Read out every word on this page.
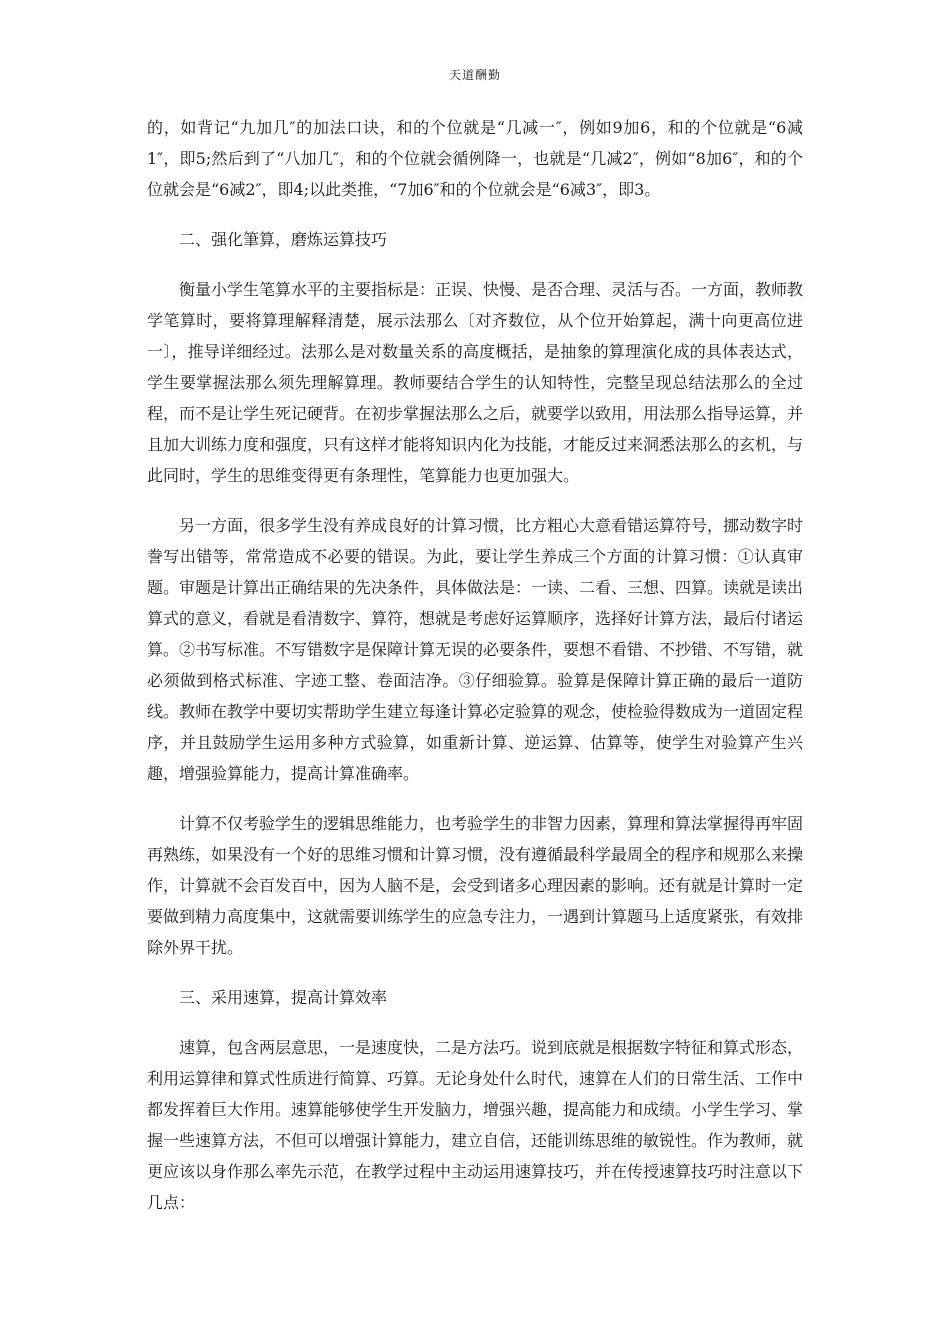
天道酬勤

的，如背记“九加几″的加法口诀，和的个位就是“几减一″，例如9加6，和的个位就是“6减1″，即5;然后到了“八加几″，和的个位就会循例降一，也就是“几减2″，例如“8加6″，和的个位就会是“6减2″，即4;以此类推，“7加6″和的个位就会是“6减3″，即3。

二、强化筆算，磨炼运算技巧

衡量小学生笔算水平的主要指标是：正误、快慢、是否合理、灵活与否。一方面，教师教学笔算时，要将算理解释清楚，展示法那么〔对齐数位，从个位开始算起，满十向更高位进一〕，推导详细经过。法那么是对数量关系的高度概括，是抽象的算理演化成的具体表达式，学生要掌握法那么须先理解算理。教师要结合学生的认知特性，完整呈现总结法那么的全过程，而不是让学生死记硬背。在初步掌握法那么之后，就要学以致用，用法那么指导运算，并且加大训练力度和强度，只有这样才能将知识内化为技能，才能反过来洞悉法那么的玄机，与此同时，学生的思维变得更有条理性，笔算能力也更加强大。

另一方面，很多学生没有养成良好的计算习惯，比方粗心大意看错运算符号，挪动数字时誊写出错等，常常造成不必要的错误。为此，要让学生养成三个方面的计算习惯：①认真审题。审题是计算出正确结果的先决条件，具体做法是：一读、二看、三想、四算。读就是读出算式的意义，看就是看清数字、算符，想就是考虑好运算顺序，选择好计算方法，最后付诸运算。②书写标准。不写错数字是保障计算无误的必要条件，要想不看错、不抄错、不写错，就必须做到格式标准、字迹工整、卷面洁净。③仔细验算。验算是保障计算正确的最后一道防线。教师在教学中要切实帮助学生建立每逢计算必定验算的观念，使检验得数成为一道固定程序，并且鼓励学生运用多种方式验算，如重新计算、逆运算、估算等，使学生对验算产生兴趣，增强验算能力，提高计算准确率。

计算不仅考验学生的逻辑思维能力，也考验学生的非智力因素，算理和算法掌握得再牢固再熟练，如果没有一个好的思维习惯和计算习惯，没有遵循最科学最周全的程序和规那么来操作，计算就不会百发百中，因为人脑不是，会受到诸多心理因素的影响。还有就是计算时一定要做到精力高度集中，这就需要训练学生的应急专注力，一遇到计算题马上适度紧张，有效排除外界干扰。

三、采用速算，提高计算效率

速算，包含两层意思，一是速度快，二是方法巧。说到底就是根据数字特征和算式形态，利用运算律和算式性质进行简算、巧算。无论身处什么时代，速算在人们的日常生活、工作中都发挥着巨大作用。速算能够使学生开发脑力，增强兴趣，提高能力和成绩。小学生学习、掌握一些速算方法，不但可以增强计算能力，建立自信，还能训练思维的敏锐性。作为教师，就更应该以身作那么率先示范，在教学过程中主动运用速算技巧，并在传授速算技巧时注意以下几点：
